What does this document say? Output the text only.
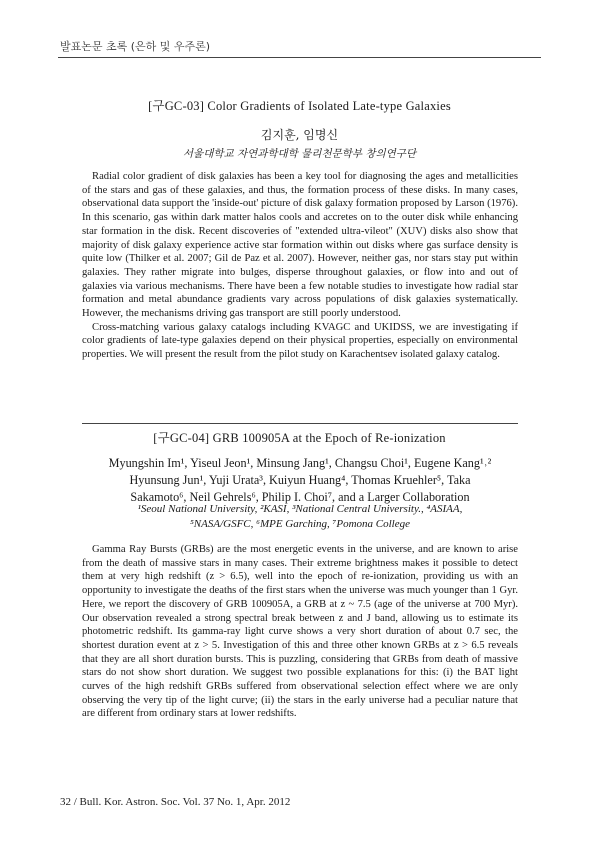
발표논문 초록 (은하 및 우주론)
[구GC-03] Color Gradients of Isolated Late-type Galaxies
김지훈, 임명신
서울대학교 자연과학대학 물리천문학부 창의연구단

Radial color gradient of disk galaxies has been a key tool for diagnosing the ages and metallicities of the stars and gas of these galaxies, and thus, the formation process of these disks. In many cases, observational data support the 'inside-out' picture of disk galaxy formation proposed by Larson (1976). In this scenario, gas within dark matter halos cools and accretes on to the outer disk while enhancing star formation in the disk. Recent discoveries of "extended ultra-vileot" (XUV) disks also show that majority of disk galaxy experience active star formation within out disks where gas surface density is quite low (Thilker et al. 2007; Gil de Paz et al. 2007). However, neither gas, nor stars stay put within galaxies. They rather migrate into bulges, disperse throughout galaxies, or flow into and out of galaxies via various mechanisms. There have been a few notable studies to investigate how radial star formation and metal abundance gradients vary across populations of disk galaxies systematically. However, the mechanisms driving gas transport are still poorly understood.

Cross-matching various galaxy catalogs including KVAGC and UKIDSS, we are investigating if color gradients of late-type galaxies depend on their physical properties, especially on environmental properties. We will present the result from the pilot study on Karachentsev isolated galaxy catalog.

[구GC-04] GRB 100905A at the Epoch of Re-ionization
Myungshin Im¹, Yiseul Jeon¹, Minsung Jang¹, Changsu Choi¹, Eugene Kang¹˒²
Hyunsung Jun¹, Yuji Urata³, Kuiyun Huang⁴, Thomas Kruehler⁵, Taka
Sakamoto⁶, Neil Gehrels⁶, Philip I. Choi⁷, and a Larger Collaboration
¹Seoul National University, ²KASI, ³National Central University., ⁴ASIAA,
⁵NASA/GSFC, ⁶MPE Garching, ⁷Pomona College

Gamma Ray Bursts (GRBs) are the most energetic events in the universe, and are known to arise from the death of massive stars in many cases. Their extreme brightness makes it possible to detect them at very high redshift (z > 6.5), well into the epoch of re-ionization, providing us with an opportunity to investigate the deaths of the first stars when the universe was much younger than 1 Gyr. Here, we report the discovery of GRB 100905A, a GRB at z ~ 7.5 (age of the universe at 700 Myr). Our observation revealed a strong spectral break between z and J band, allowing us to estimate its photometric redshift. Its gamma-ray light curve shows a very short duration of about 0.7 sec, the shortest duration event at z > 5. Investigation of this and three other known GRBs at z > 6.5 reveals that they are all short duration bursts. This is puzzling, considering that GRBs from death of massive stars do not show short duration. We suggest two possible explanations for this: (i) the BAT light curves of the high redshift GRBs suffered from observational selection effect where we are only observing the very tip of the light curve; (ii) the stars in the early universe had a peculiar nature that are different from ordinary stars at lower redshifts.

32 / Bull. Kor. Astron. Soc. Vol. 37 No. 1, Apr. 2012
